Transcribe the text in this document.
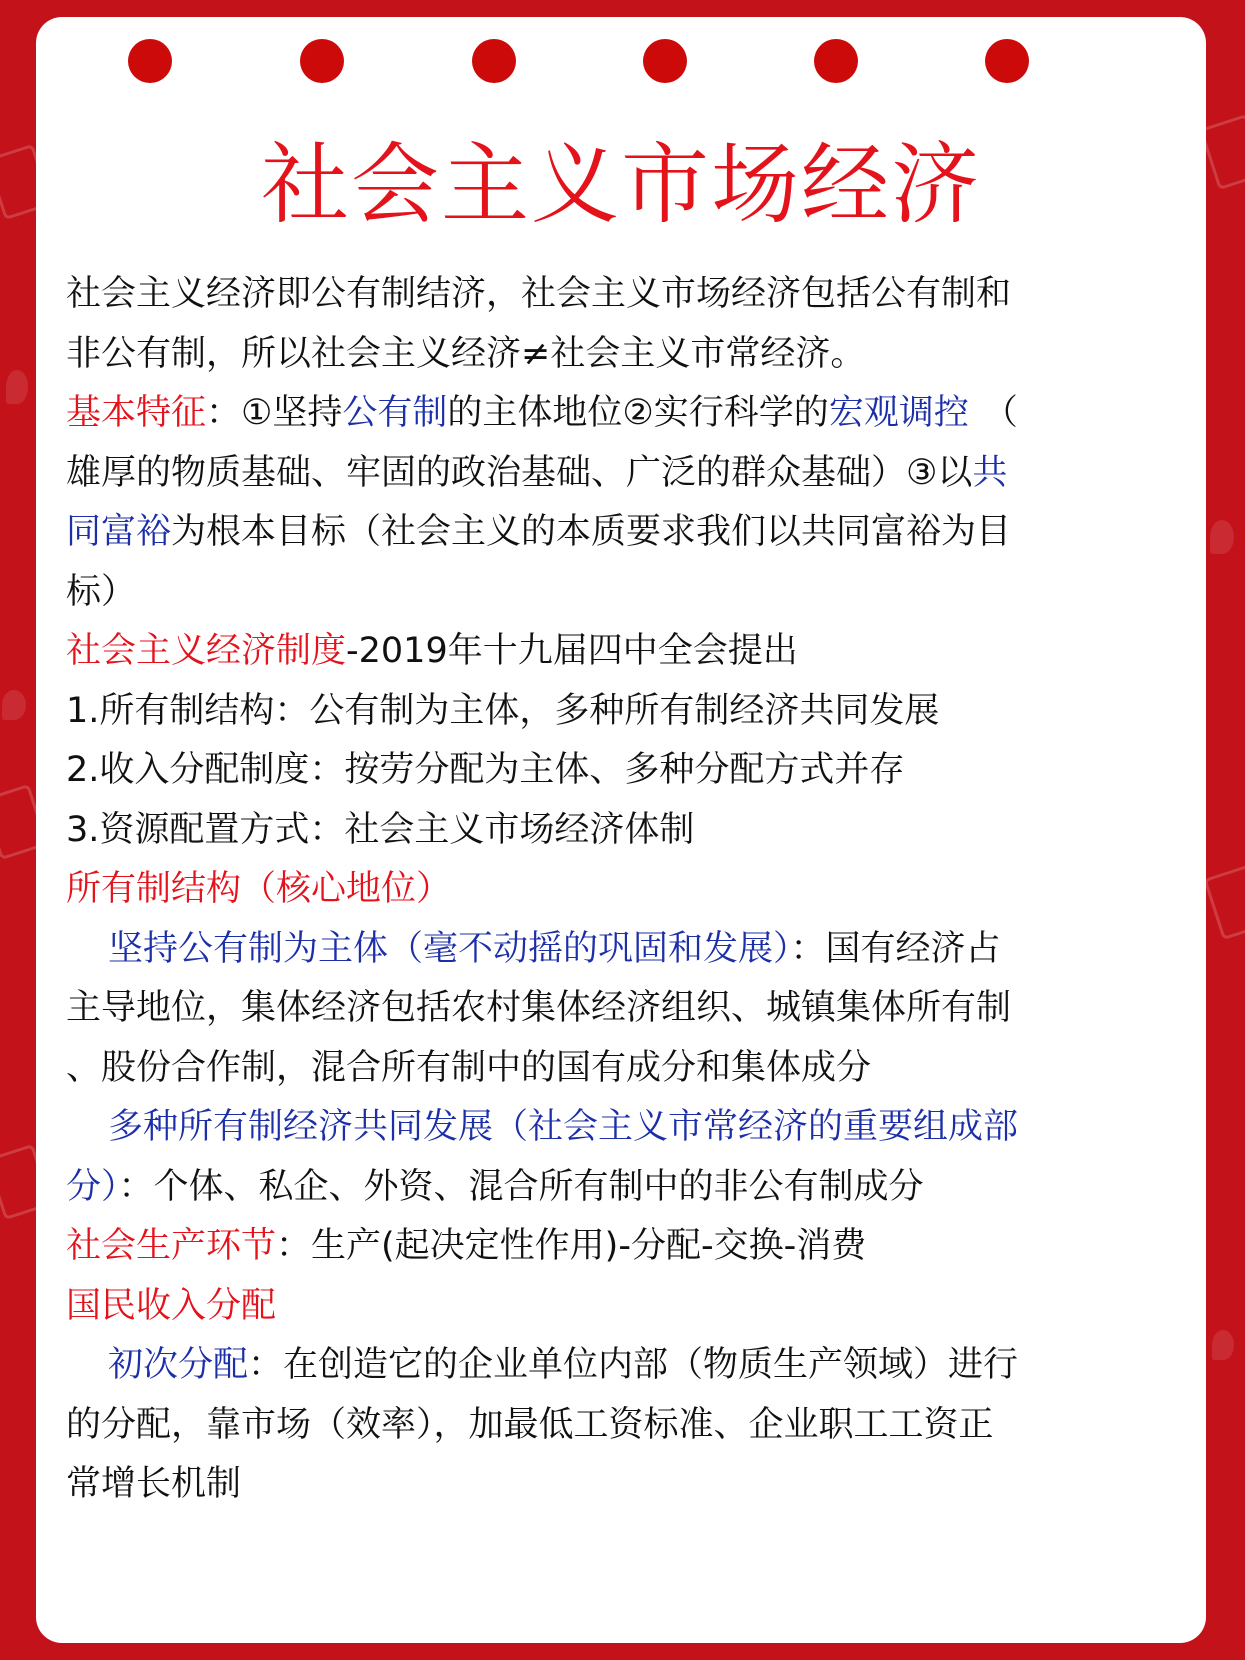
社会主义市场经济
社会主义经济即公有制结济，社会主义市场经济包括公有制和
非公有制，所以社会主义经济≠社会主义市常经济。
基本特征：①坚持公有制的主体地位②实行科学的宏观调控 （
雄厚的物质基础、牢固的政治基础、广泛的群众基础）③以共
同富裕为根本目标（社会主义的本质要求我们以共同富裕为目
标）
社会主义经济制度-2019年十九届四中全会提出
1.所有制结构：公有制为主体，多种所有制经济共同发展
2.收入分配制度：按劳分配为主体、多种分配方式并存
3.资源配置方式：社会主义市场经济体制
所有制结构（核心地位）
坚持公有制为主体（毫不动摇的巩固和发展）：国有经济占
主导地位，集体经济包括农村集体经济组织、城镇集体所有制
、股份合作制，混合所有制中的国有成分和集体成分
多种所有制经济共同发展（社会主义市常经济的重要组成部
分）：个体、私企、外资、混合所有制中的非公有制成分
社会生产环节：生产(起决定性作用)-分配-交换-消费
国民收入分配
初次分配：在创造它的企业单位内部（物质生产领域）进行
的分配，靠市场（效率），加最低工资标准、企业职工工资正
常增长机制
